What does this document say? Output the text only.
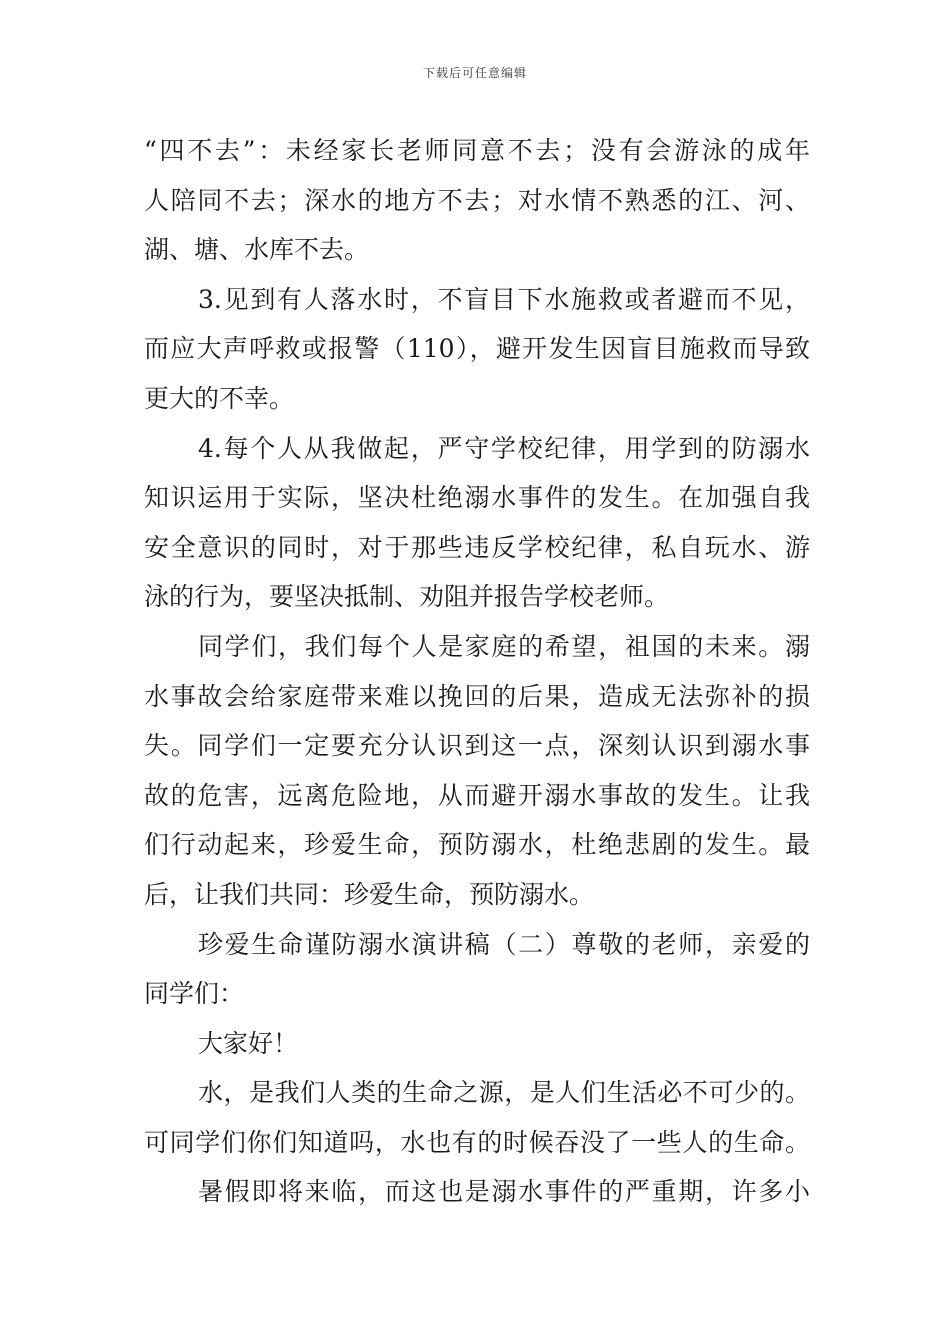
下载后可任意编辑
“四不去”：未经家长老师同意不去；没有会游泳的成年
人陪同不去；深水的地方不去；对水情不熟悉的江、河、
湖、塘、水库不去。
3.见到有人落水时，不盲目下水施救或者避而不见，
而应大声呼救或报警（110），避开发生因盲目施救而导致
更大的不幸。
4.每个人从我做起，严守学校纪律，用学到的防溺水
知识运用于实际，坚决杜绝溺水事件的发生。在加强自我
安全意识的同时，对于那些违反学校纪律，私自玩水、游
泳的行为，要坚决抵制、劝阻并报告学校老师。
同学们，我们每个人是家庭的希望，祖国的未来。溺
水事故会给家庭带来难以挽回的后果，造成无法弥补的损
失。同学们一定要充分认识到这一点，深刻认识到溺水事
故的危害，远离危险地，从而避开溺水事故的发生。让我
们行动起来，珍爱生命，预防溺水，杜绝悲剧的发生。最
后，让我们共同：珍爱生命，预防溺水。
珍爱生命谨防溺水演讲稿（二）尊敬的老师，亲爱的
同学们：
大家好！
水，是我们人类的生命之源，是人们生活必不可少的。
可同学们你们知道吗，水也有的时候吞没了一些人的生命。
暑假即将来临，而这也是溺水事件的严重期，许多小
